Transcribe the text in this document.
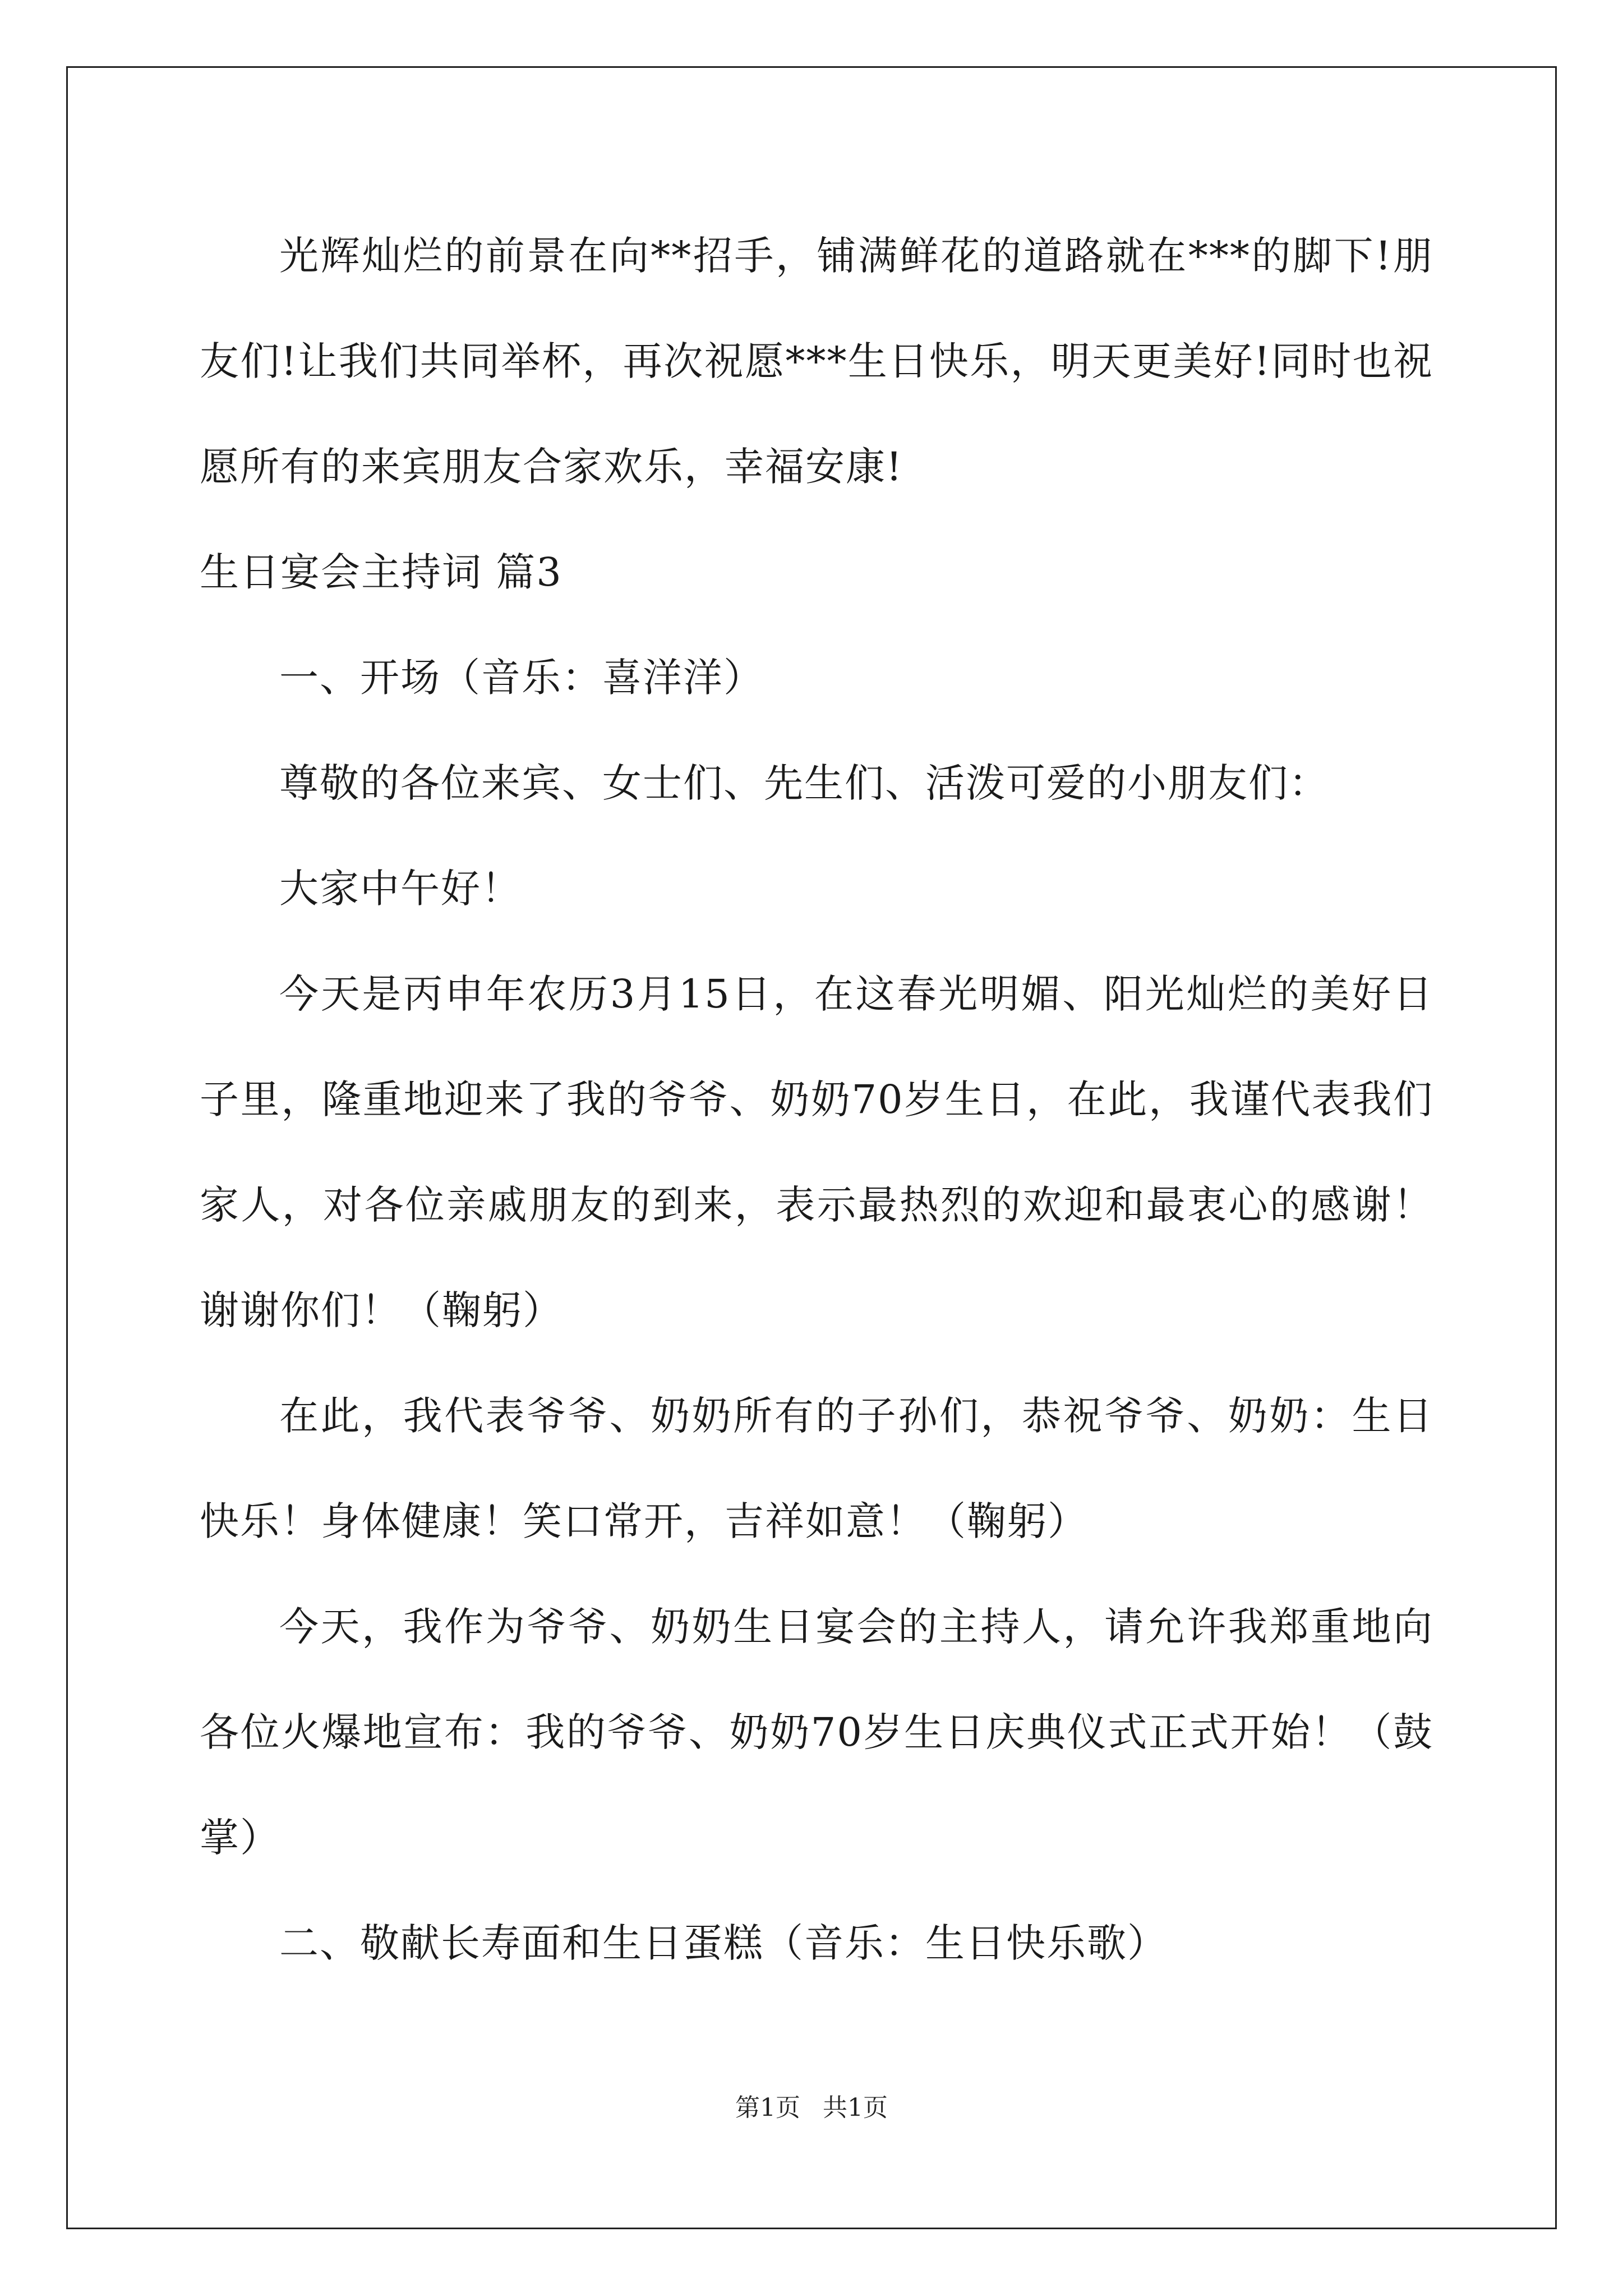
光辉灿烂的前景在向**招手，铺满鲜花的道路就在***的脚下!朋友们!让我们共同举杯，再次祝愿***生日快乐，明天更美好!同时也祝愿所有的来宾朋友合家欢乐，幸福安康!

生日宴会主持词 篇3

一、开场（音乐：喜洋洋）

尊敬的各位来宾、女士们、先生们、活泼可爱的小朋友们：

大家中午好！

今天是丙申年农历3月15日，在这春光明媚、阳光灿烂的美好日子里，隆重地迎来了我的爷爷、奶奶70岁生日，在此，我谨代表我们家人，对各位亲戚朋友的到来，表示最热烈的欢迎和最衷心的感谢！谢谢你们！（鞠躬）

在此，我代表爷爷、奶奶所有的子孙们，恭祝爷爷、奶奶：生日快乐！身体健康！笑口常开，吉祥如意！（鞠躬）

今天，我作为爷爷、奶奶生日宴会的主持人，请允许我郑重地向各位火爆地宣布：我的爷爷、奶奶70岁生日庆典仪式正式开始！（鼓掌）

二、敬献长寿面和生日蛋糕（音乐：生日快乐歌）

第1页 共1页
